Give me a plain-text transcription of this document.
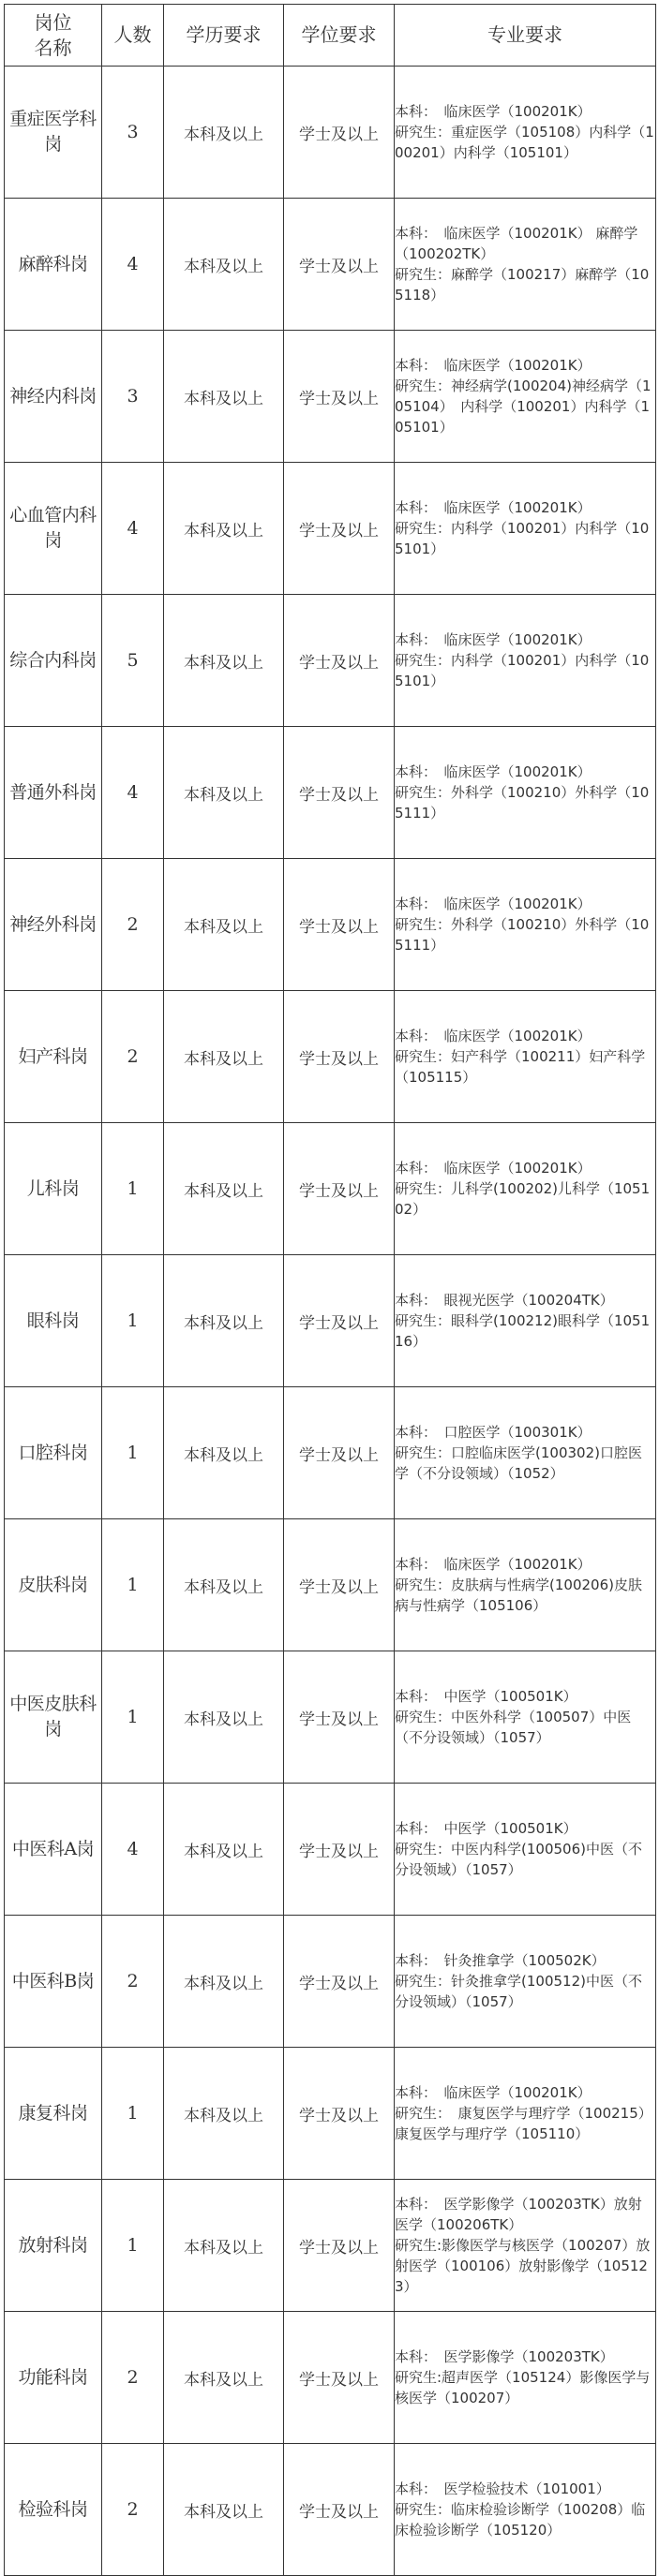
岗位
名称	人数	学历要求	学位要求	专业要求
重症医学科岗	3	本科及以上	学士及以上	本科：　临床医学（100201K）
研究生：重症医学（105108）内科学（100201）内科学（105101）

麻醉科岗	4	本科及以上	学士及以上	本科：　临床医学（100201K） 麻醉学（100202TK）
研究生：麻醉学（100217）麻醉学（105118）

神经内科岗	3	本科及以上	学士及以上	本科：　临床医学（100201K）
研究生：神经病学(100204)神经病学（105104）　内科学（100201）内科学（105101）

心血管内科岗	4	本科及以上	学士及以上	本科：　临床医学（100201K）
研究生：内科学（100201）内科学（105101）

综合内科岗	5	本科及以上	学士及以上	本科：　临床医学（100201K）
研究生：内科学（100201）内科学（105101）

普通外科岗	4	本科及以上	学士及以上	本科：　临床医学（100201K）
研究生：外科学（100210）外科学（105111）

神经外科岗	2	本科及以上	学士及以上	本科：　临床医学（100201K）
研究生：外科学（100210）外科学（105111）

妇产科岗	2	本科及以上	学士及以上	本科：　临床医学（100201K）
研究生：妇产科学（100211）妇产科学（105115）

儿科岗	1	本科及以上	学士及以上	本科：　临床医学（100201K）
研究生：儿科学(100202)儿科学（105102）

眼科岗	1	本科及以上	学士及以上	本科：　眼视光医学（100204TK）
研究生：眼科学(100212)眼科学（105116）

口腔科岗	1	本科及以上	学士及以上	本科：　口腔医学（100301K）
研究生：口腔临床医学(100302)口腔医学（不分设领域）（1052）

皮肤科岗	1	本科及以上	学士及以上	本科：　临床医学（100201K）
研究生：皮肤病与性病学(100206)皮肤病与性病学（105106）

中医皮肤科岗	1	本科及以上	学士及以上	本科：　中医学（100501K）
研究生：中医外科学（100507）中医（不分设领域）（1057）

中医科A岗	4	本科及以上	学士及以上	本科：　中医学（100501K）
研究生：中医内科学(100506)中医（不分设领域）（1057）

中医科B岗	2	本科及以上	学士及以上	本科：　针灸推拿学（100502K）
研究生：针灸推拿学(100512)中医（不分设领域）（1057）

康复科岗	1	本科及以上	学士及以上	本科：　临床医学（100201K）
研究生：　康复医学与理疗学（100215）康复医学与理疗学（105110）

放射科岗	1	本科及以上	学士及以上	本科：　医学影像学（100203TK）放射医学（100206TK）
研究生:影像医学与核医学（100207）放射医学（100106）放射影像学（105123）

功能科岗	2	本科及以上	学士及以上	本科：　医学影像学（100203TK）
研究生:超声医学（105124）影像医学与核医学（100207）

检验科岗	2	本科及以上	学士及以上	本科：　医学检验技术（101001）
研究生：临床检验诊断学（100208）临床检验诊断学（105120）
